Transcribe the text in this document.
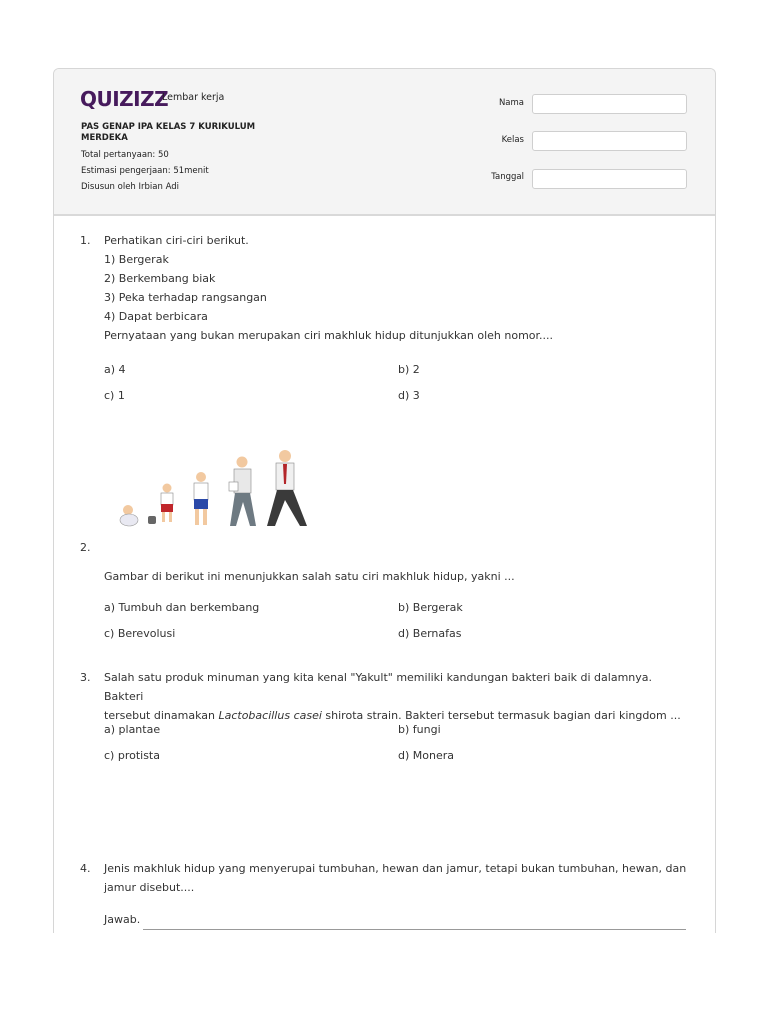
QUIZIZZ
Lembar kerja
PAS GENAP IPA KELAS 7 KURIKULUM MERDEKA
Total pertanyaan: 50
Estimasi pengerjaan: 51menit
Disusun oleh Irbian Adi
Nama
Kelas
Tanggal
1. Perhatikan ciri-ciri berikut.
1) Bergerak
2) Berkembang biak
3) Peka terhadap rangsangan
4) Dapat berbicara
Pernyataan yang bukan merupakan ciri makhluk hidup ditunjukkan oleh nomor....
a) 4	b) 2
c) 1	d) 3
2.
Gambar di berikut ini menunjukkan salah satu ciri makhluk hidup, yakni ...
a) Tumbuh dan berkembang	b) Bergerak
c) Berevolusi	d) Bernafas
3. Salah satu produk minuman yang kita kenal "Yakult" memiliki kandungan bakteri baik di dalamnya. Bakteri
tersebut dinamakan Lactobacillus casei shirota strain. Bakteri tersebut termasuk bagian dari kingdom ...
a) plantae	b) fungi
c) protista	d) Monera
4. Jenis makhluk hidup yang menyerupai tumbuhan, hewan dan jamur, tetapi bukan tumbuhan, hewan, dan
jamur disebut....
Jawab.
